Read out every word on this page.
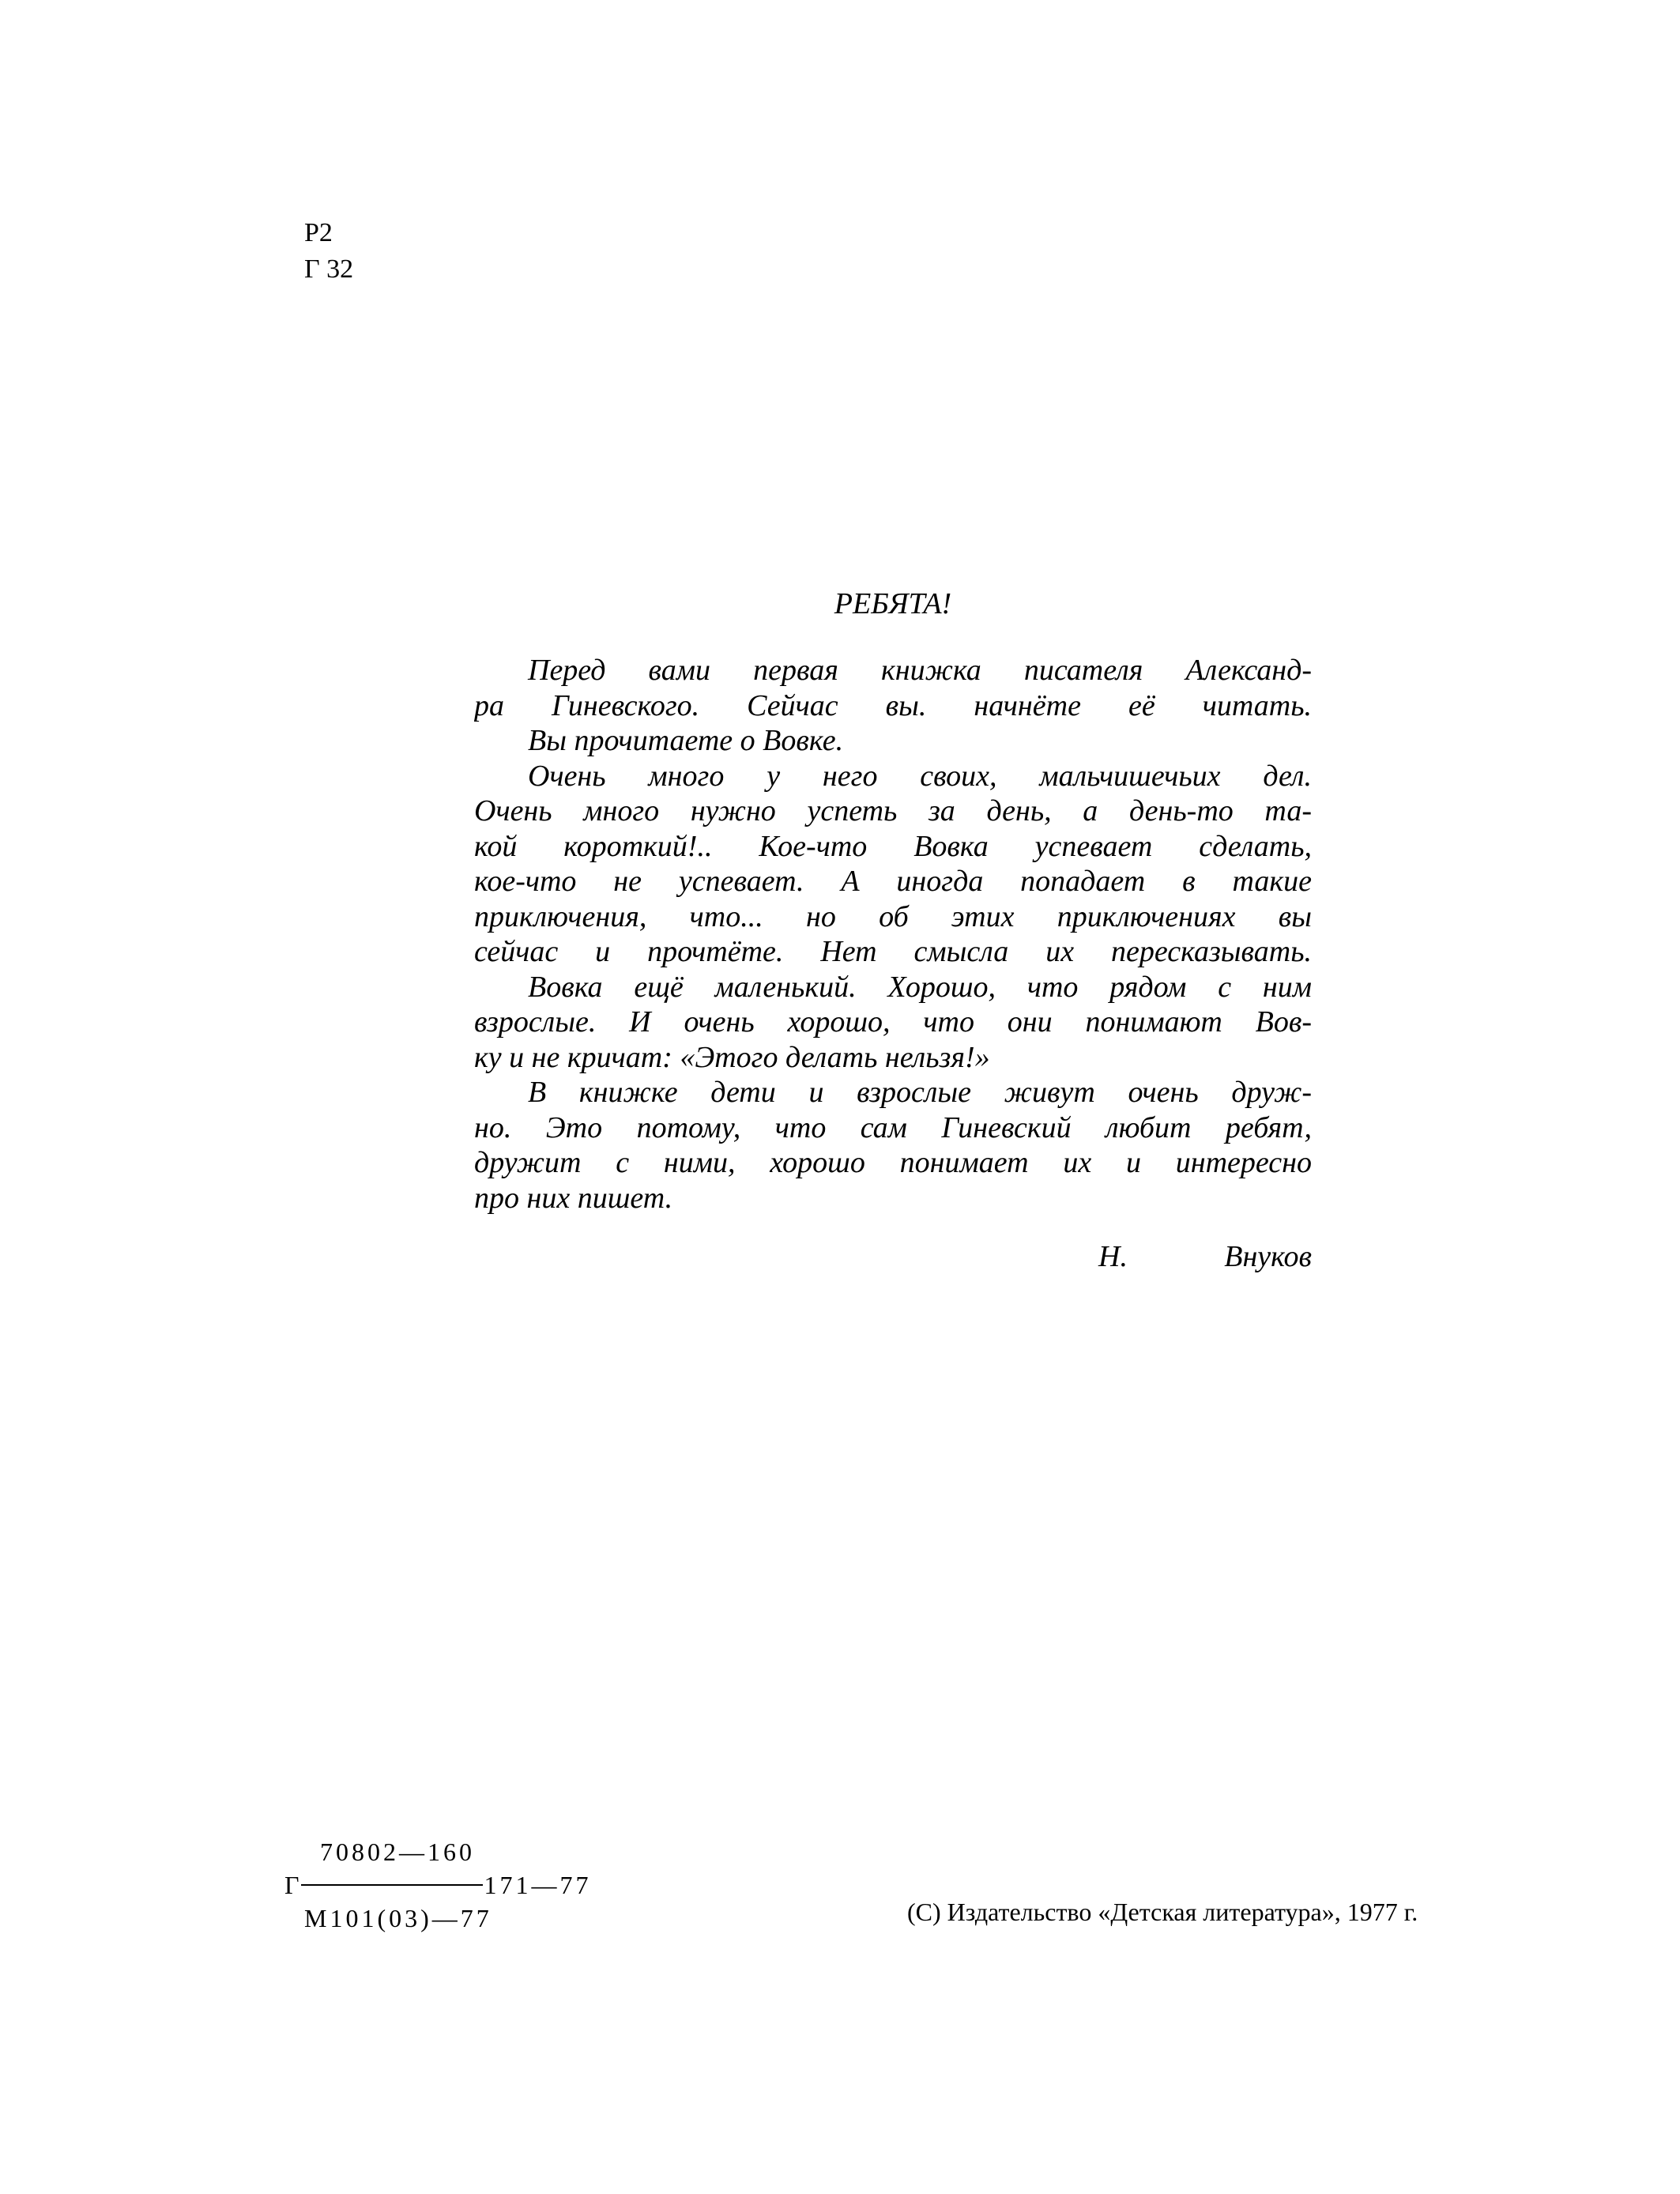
Р2
Г 32
РЕБЯТА!
Перед вами первая книжка писателя Александ-
ра Гиневского. Сейчас вы. начнёте её читать.
Вы прочитаете о Вовке.
Очень много у него своих, мальчишечьих дел.
Очень много нужно успеть за день, а день-то та-
кой короткий!.. Кое-что Вовка успевает сделать,
кое-что не успевает. А иногда попадает в такие
приключения, что... но об этих приключениях вы
сейчас и прочтёте. Нет смысла их пересказывать.
Вовка ещё маленький. Хорошо, что рядом с ним
взрослые. И очень хорошо, что они понимают Вов-
ку и не кричат: «Этого делать нельзя!»
В книжке дети и взрослые живут очень друж-
но. Это потому, что сам Гиневский любит ребят,
дружит с ними, хорошо понимает их и интересно
про них пишет.
Н.	Внуков
70802—160
Г	171—77
М101(03)—77	(С) Издательство «Детская литература», 1977 г.
